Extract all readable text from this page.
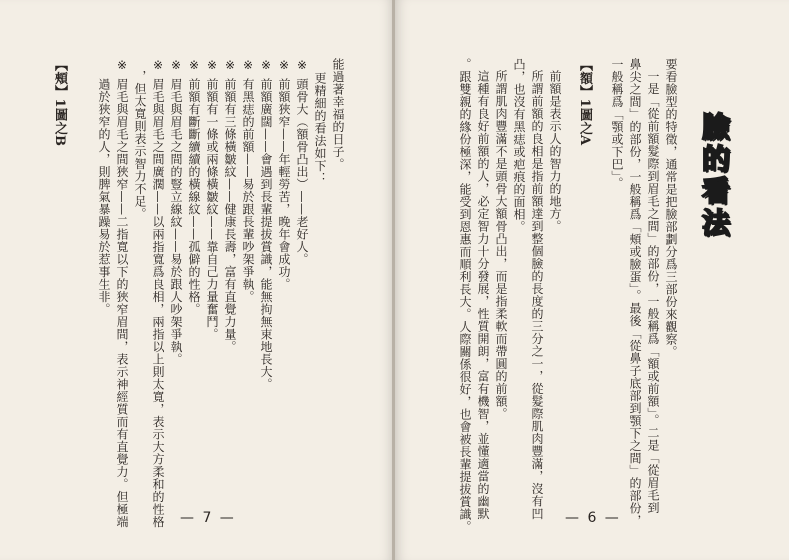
【頰】1圖之B	能過著幸福的日子。
更精細的看法如下：
※
頭骨大（額骨凸出）——老好人。
※
前額狹窄——年輕勞苦，晚年會成功。
※
前額廣闊——會遇到長輩提拔賞識，能無拘無束地長大。
※
有黑痣的前額——易於跟長輩吵架爭執。
※
前額有三條橫皺紋——健康長壽，富有直覺力量。
※
前額有一條或兩條橫皺紋——靠自己力量奮鬥。
※
前額有斷斷續續的橫線紋——孤僻的性格。
※
眉毛與眉毛之間的豎立線紋——易於跟人吵架爭執。
※
眉毛與眉毛之間廣濶——以兩指寬爲良相，兩指以上則太寬，表示大方柔和的性格
，但太寬則表示智力不足。
※
眉毛與眉毛之間狹窄——二指寬以下的狹窄眉間，表示神經質而有直覺力。但極端
過於狹窄的人，則脾氣暴躁易於惹事生非。
— 7 —
臉的看法
要看臉型的特徵，通常是把臉部劃分爲三部份來觀察。
一是「從前額髮際到眉毛之間」的部份，一般稱爲「額或前額」。二是「從眉毛到
鼻尖之間」的部份，一般稱爲「頰或臉蛋」。最後「從鼻子底部到顎下之間」的部份，
一般稱爲「顎或下巴」。
【額】1圖之A
前額是表示人的智力的地方。
所謂前額的良相是指前額達到整個臉的長度的三分之一，從髮際肌肉豐滿，沒有凹
凸，也沒有黑痣或疤痕的面相。
所謂肌肉豐滿不是頭骨大額骨凸出，而是指柔軟而帶圓的前額。
這種有良好前額的人，必定智力十分發展，性質開朗，富有機智，並懂適當的幽默
。跟雙親的緣份極深，能受到恩惠而順利長大。人際關係很好，也會被長輩提拔賞識。	— 6 —
